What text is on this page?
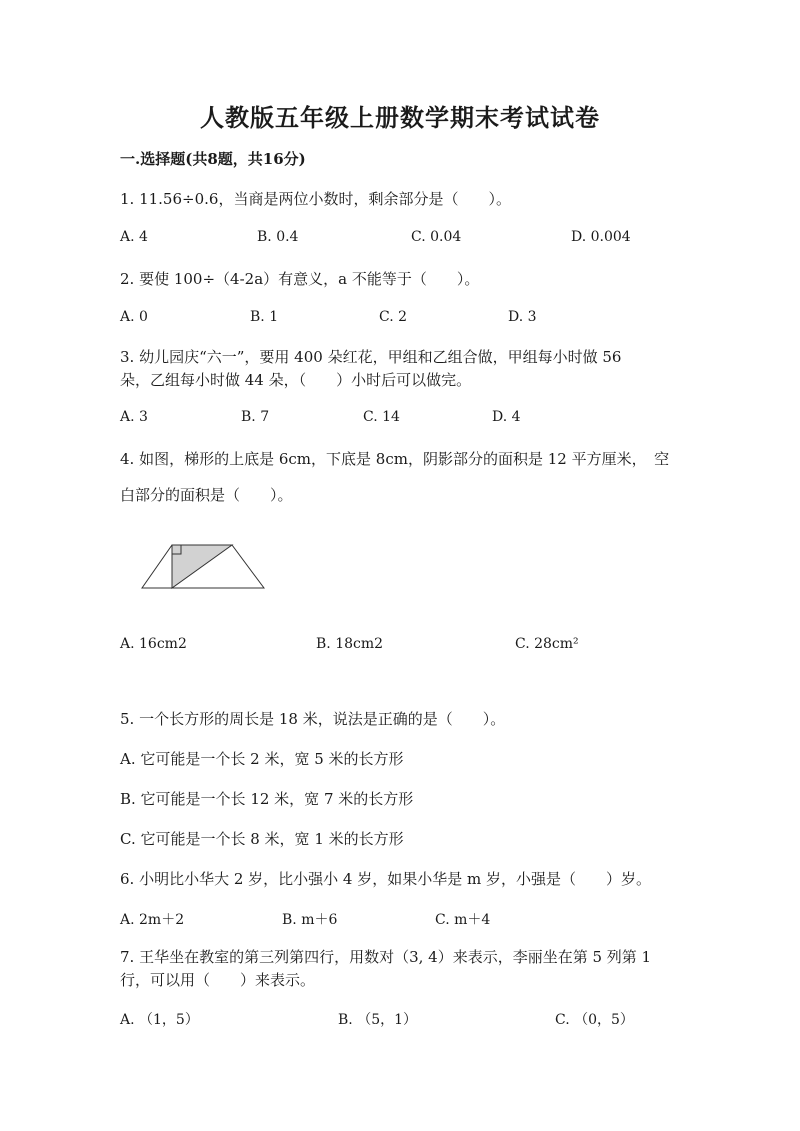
人教版五年级上册数学期末考试试卷
一.选择题(共8题，共16分)
1. 11.56÷0.6，当商是两位小数时，剩余部分是（　　）。
A. 4	B. 0.4	C. 0.04	D. 0.004
2. 要使 100÷（4-2a）有意义，a 不能等于（　　）。
A. 0	B. 1	C. 2	D. 3
3. 幼儿园庆“六一”，要用 400 朵红花，甲组和乙组合做，甲组每小时做 56
朵，乙组每小时做 44 朵，（　　）小时后可以做完。
A. 3	B. 7	C. 14	D. 4
4. 如图，梯形的上底是 6cm，下底是 8cm，阴影部分的面积是 12 平方厘米，　空
白部分的面积是（　　）。
A. 16cm2	B. 18cm2	C. 28cm²
5. 一个长方形的周长是 18 米，说法是正确的是（　　）。
A. 它可能是一个长 2 米，宽 5 米的长方形
B. 它可能是一个长 12 米，宽 7 米的长方形
C. 它可能是一个长 8 米，宽 1 米的长方形
6. 小明比小华大 2 岁，比小强小 4 岁，如果小华是 m 岁，小强是（　　）岁。
A. 2m＋2	B. m＋6	C. m＋4
7. 王华坐在教室的第三列第四行，用数对（3, 4）来表示，李丽坐在第 5 列第 1
行，可以用（　　）来表示。
A. （1，5）	B. （5，1）	C. （0，5）
